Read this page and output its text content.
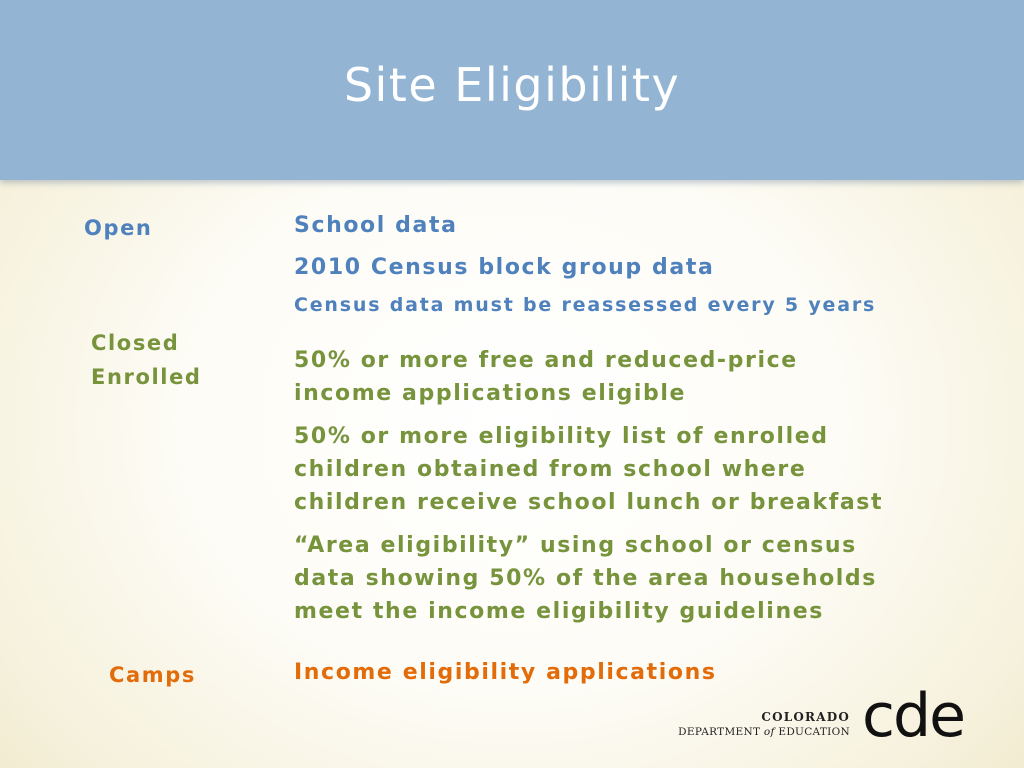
Site Eligibility
Open
Closed
Enrolled
Camps
School data
2010 Census block group data
Census data must be reassessed every 5 years
50% or more free and reduced-price
income applications eligible
50% or more eligibility list of enrolled
children obtained from school where
children receive school lunch or breakfast
“Area eligibility” using school or census
data showing 50% of the area households
meet the income eligibility guidelines
Income eligibility applications
COLORADO
DEPARTMENT of EDUCATION cde
